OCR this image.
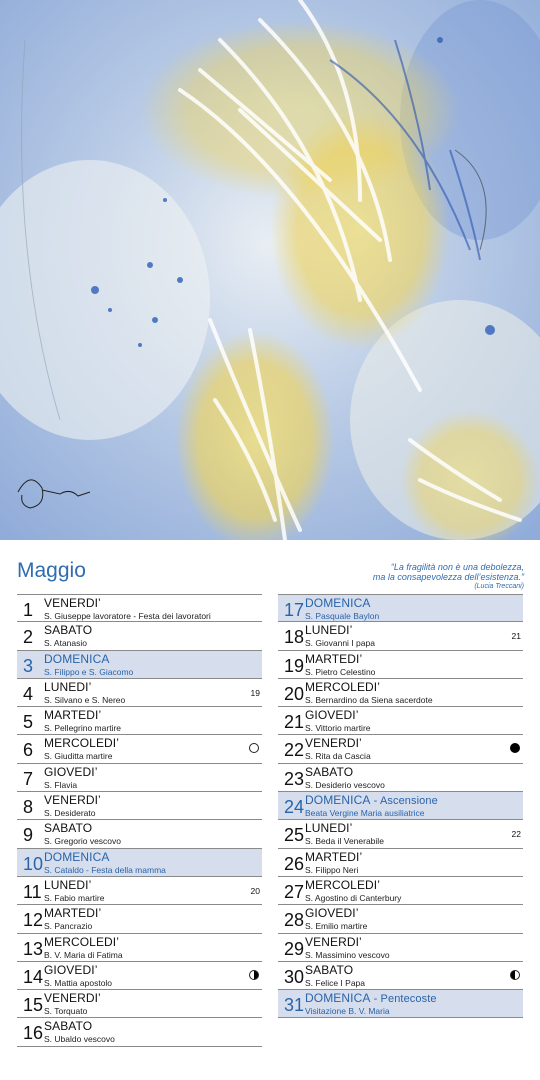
Maggio	“La fragilità non è una debolezza,
ma la consapevolezza dell’esistenza.”
(Lucia Treccani)
1 VENERDI’
S. Giuseppe lavoratore - Festa dei lavoratori
2 SABATO
S. Atanasio
3 DOMENICA
S. Filippo e S. Giacomo
4 LUNEDI’
S. Silvano e S. Nereo
19
5 MARTEDI’
S. Pellegrino martire
6 MERCOLEDI’
S. Giuditta martire
7 GIOVEDI’
S. Flavia
8 VENERDI’
S. Desiderato
9 SABATO
S. Gregorio vescovo
10 DOMENICA
S. Cataldo - Festa della mamma
11 LUNEDI’
S. Fabio martire
20
12 MARTEDI’
S. Pancrazio
13 MERCOLEDI’
B. V. Maria di Fatima
14 GIOVEDI’
S. Mattia apostolo
15 VENERDI’
S. Torquato
16 SABATO
S. Ubaldo vescovo
17 DOMENICA
S. Pasquale Baylon
18 LUNEDI’
S. Giovanni I papa
21
19 MARTEDI’
S. Pietro Celestino
20 MERCOLEDI’
S. Bernardino da Siena sacerdote
21 GIOVEDI’
S. Vittorio martire
22 VENERDI’
S. Rita da Cascia
23 SABATO
S. Desiderio vescovo
24 DOMENICA - Ascensione
Beata Vergine Maria ausiliatrice
25 LUNEDI’
S. Beda il Venerabile
22
26 MARTEDI’
S. Filippo Neri
27 MERCOLEDI’
S. Agostino di Canterbury
28 GIOVEDI’
S. Emilio martire
29 VENERDI’
S. Massimino vescovo
30 SABATO
S. Felice I Papa
31 DOMENICA - Pentecoste
Visitazione B. V. Maria
